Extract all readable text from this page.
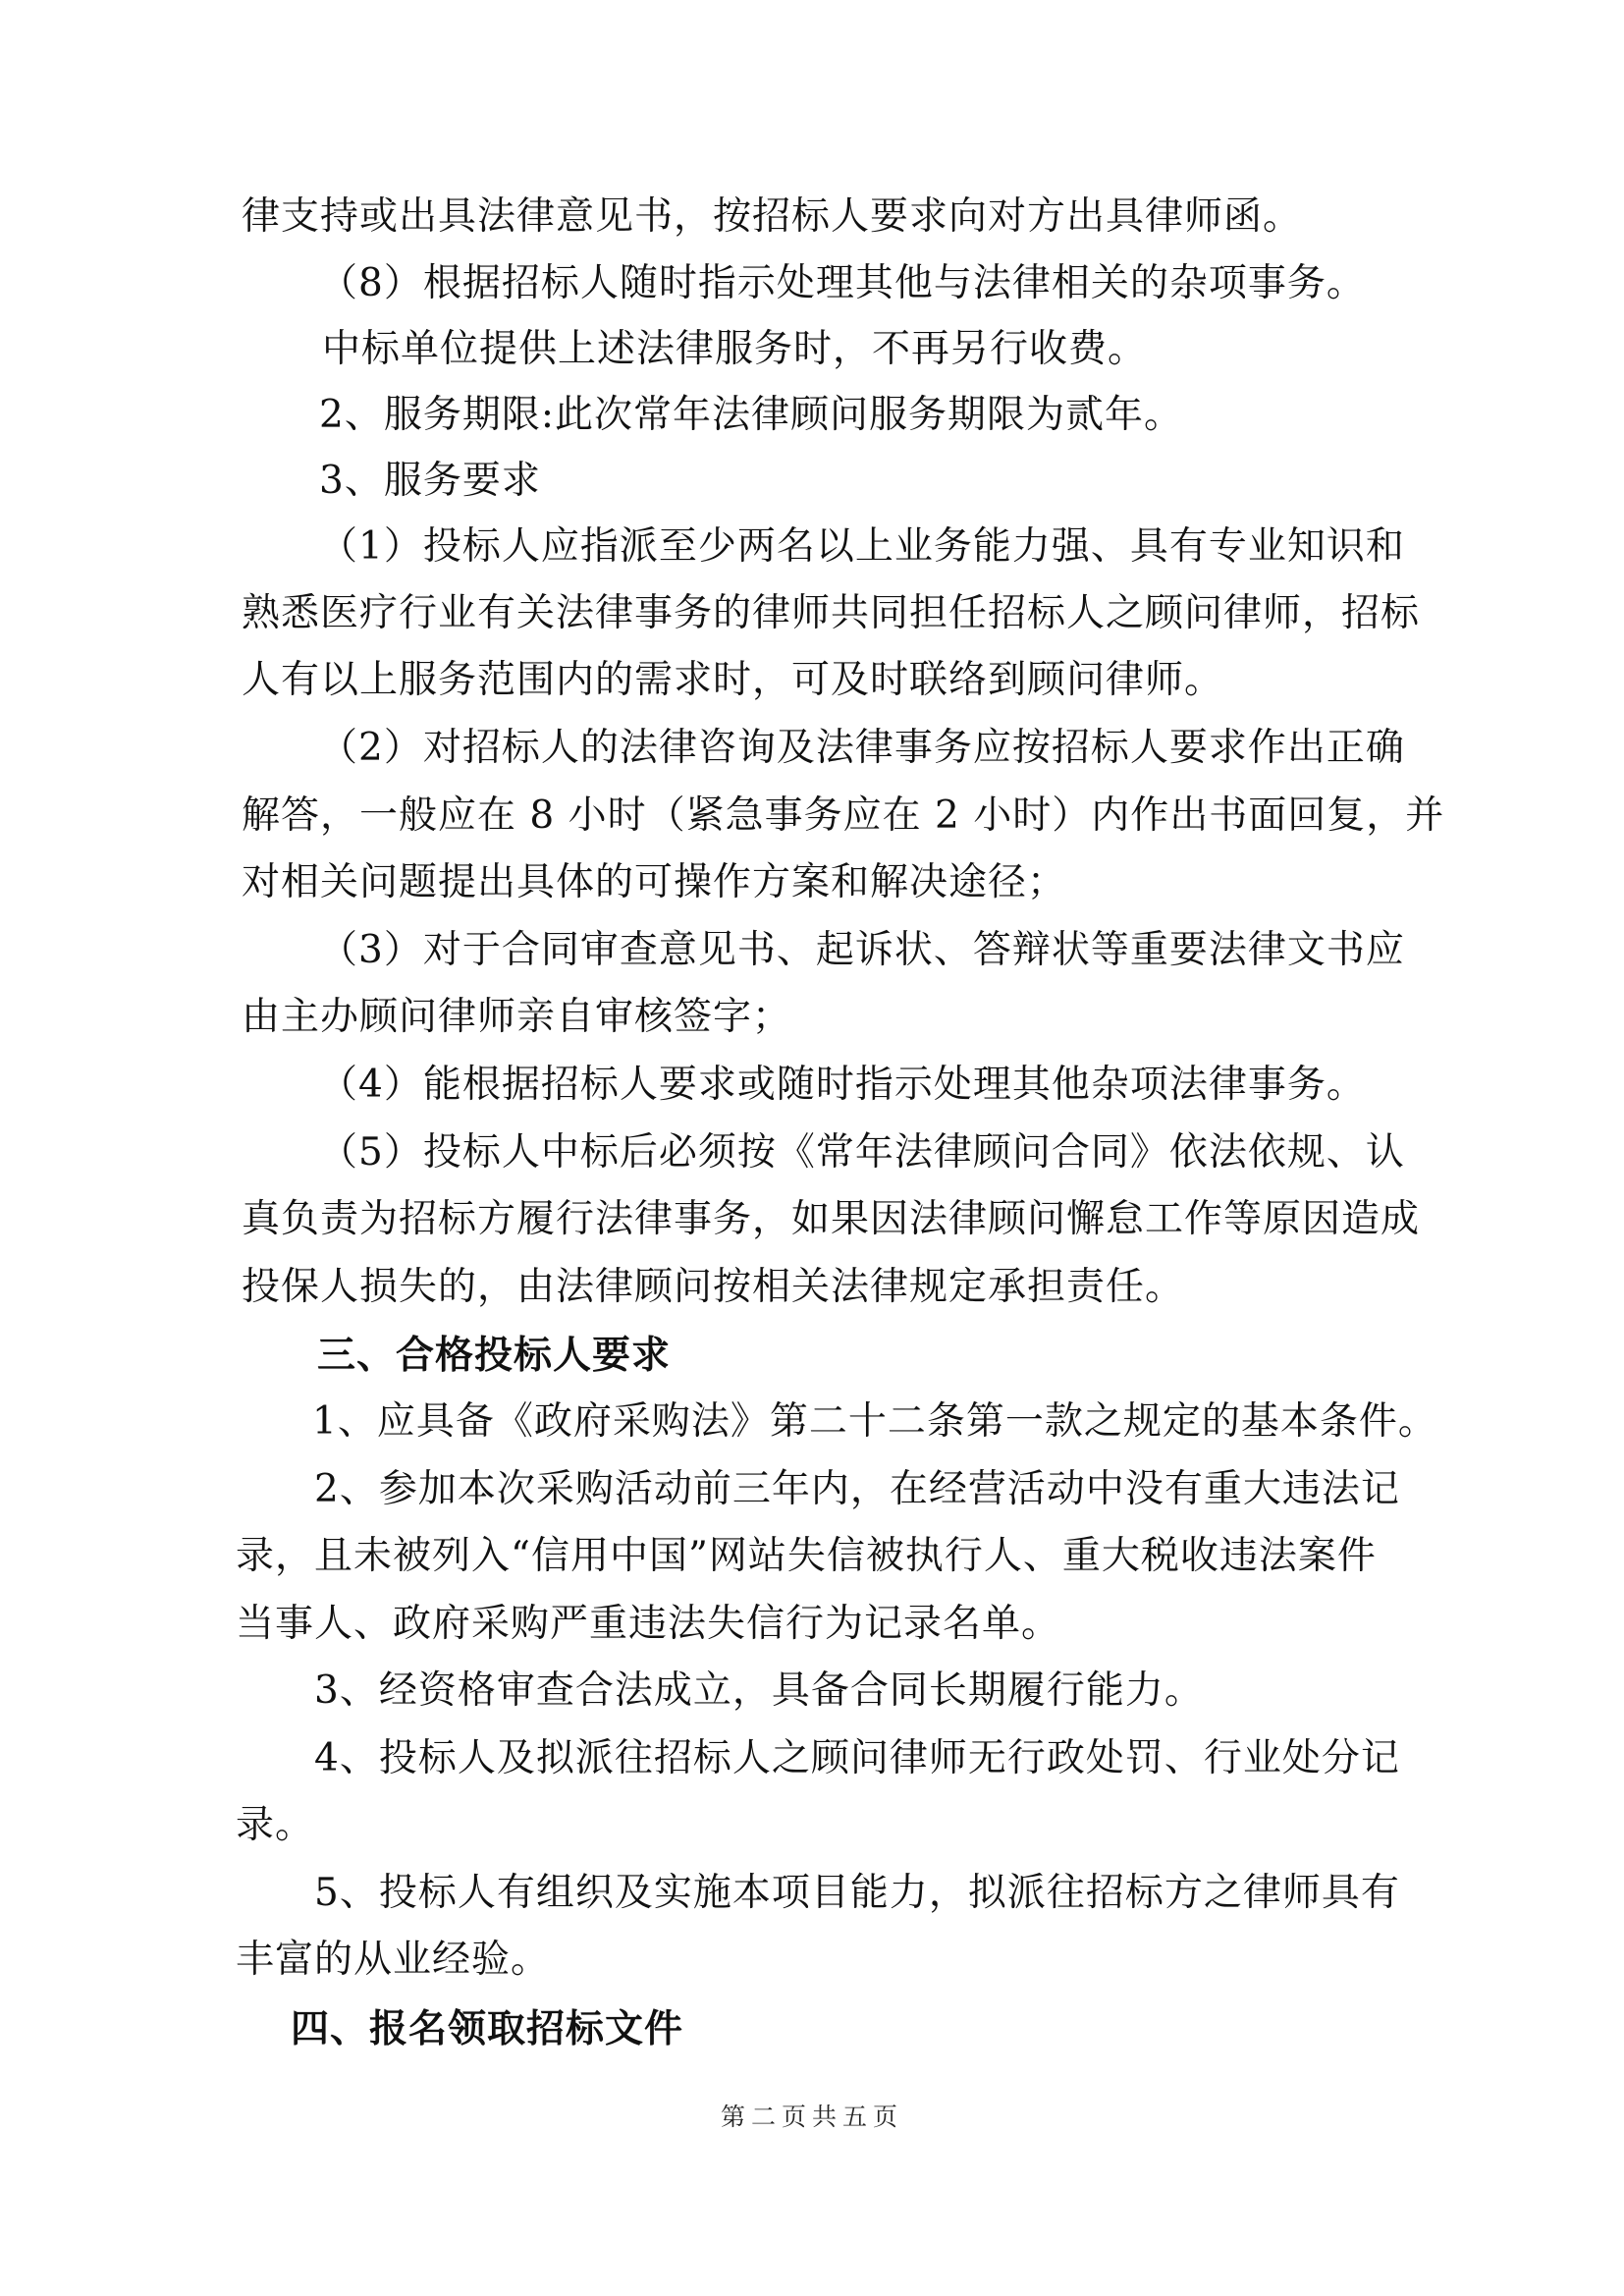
律支持或出具法律意见书，按招标人要求向对方出具律师函。
（8）根据招标人随时指示处理其他与法律相关的杂项事务。
中标单位提供上述法律服务时，不再另行收费。
2、服务期限:此次常年法律顾问服务期限为贰年。
3、服务要求
（1）投标人应指派至少两名以上业务能力强、具有专业知识和
熟悉医疗行业有关法律事务的律师共同担任招标人之顾问律师，招标
人有以上服务范围内的需求时，可及时联络到顾问律师。
（2）对招标人的法律咨询及法律事务应按招标人要求作出正确
解答，一般应在 8 小时（紧急事务应在 2 小时）内作出书面回复，并
对相关问题提出具体的可操作方案和解决途径；
（3）对于合同审查意见书、起诉状、答辩状等重要法律文书应
由主办顾问律师亲自审核签字；
（4）能根据招标人要求或随时指示处理其他杂项法律事务。
（5）投标人中标后必须按《常年法律顾问合同》依法依规、认
真负责为招标方履行法律事务，如果因法律顾问懈怠工作等原因造成
投保人损失的，由法律顾问按相关法律规定承担责任。
三、合格投标人要求
1、应具备《政府采购法》第二十二条第一款之规定的基本条件。
2、参加本次采购活动前三年内，在经营活动中没有重大违法记
录，且未被列入“信用中国”网站失信被执行人、重大税收违法案件
当事人、政府采购严重违法失信行为记录名单。
3、经资格审查合法成立，具备合同长期履行能力。
4、投标人及拟派往招标人之顾问律师无行政处罚、行业处分记
录。
5、投标人有组织及实施本项目能力，拟派往招标方之律师具有
丰富的从业经验。
四、报名领取招标文件
第二页共五页
